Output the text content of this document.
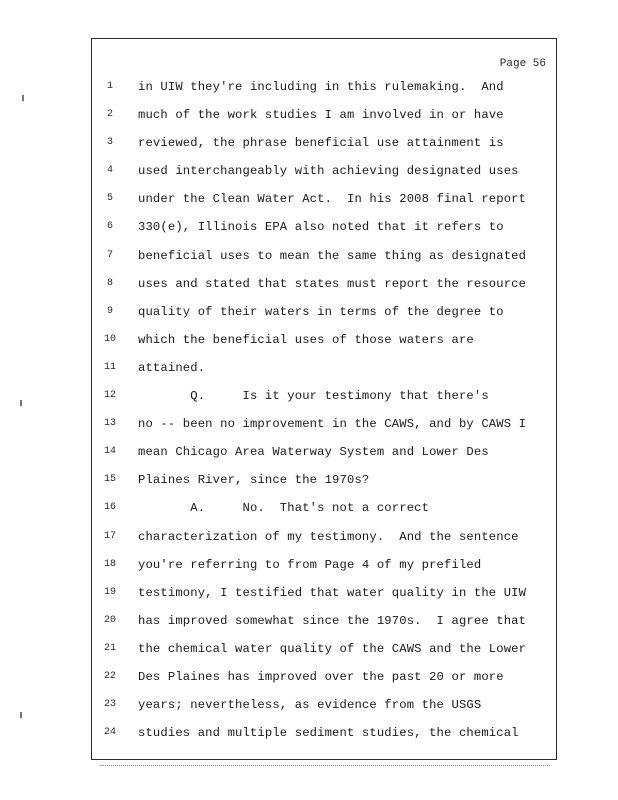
Page 56
1	in UIW they're including in this rulemaking.  And
2	much of the work studies I am involved in or have
3	reviewed, the phrase beneficial use attainment is
4	used interchangeably with achieving designated uses
5	under the Clean Water Act.  In his 2008 final report
6	330(e), Illinois EPA also noted that it refers to
7	beneficial uses to mean the same thing as designated
8	uses and stated that states must report the resource
9	quality of their waters in terms of the degree to
10 which the beneficial uses of those waters are
11 attained.
12 Q.     Is it your testimony that there's
13 no -- been no improvement in the CAWS, and by CAWS I
14 mean Chicago Area Waterway System and Lower Des
15 Plaines River, since the 1970s?
16 A.     No.  That's not a correct
17 characterization of my testimony.  And the sentence
18 you're referring to from Page 4 of my prefiled
19 testimony, I testified that water quality in the UIW
20 has improved somewhat since the 1970s.  I agree that
21 the chemical water quality of the CAWS and the Lower
22 Des Plaines has improved over the past 20 or more
23 years; nevertheless, as evidence from the USGS
24 studies and multiple sediment studies, the chemical
